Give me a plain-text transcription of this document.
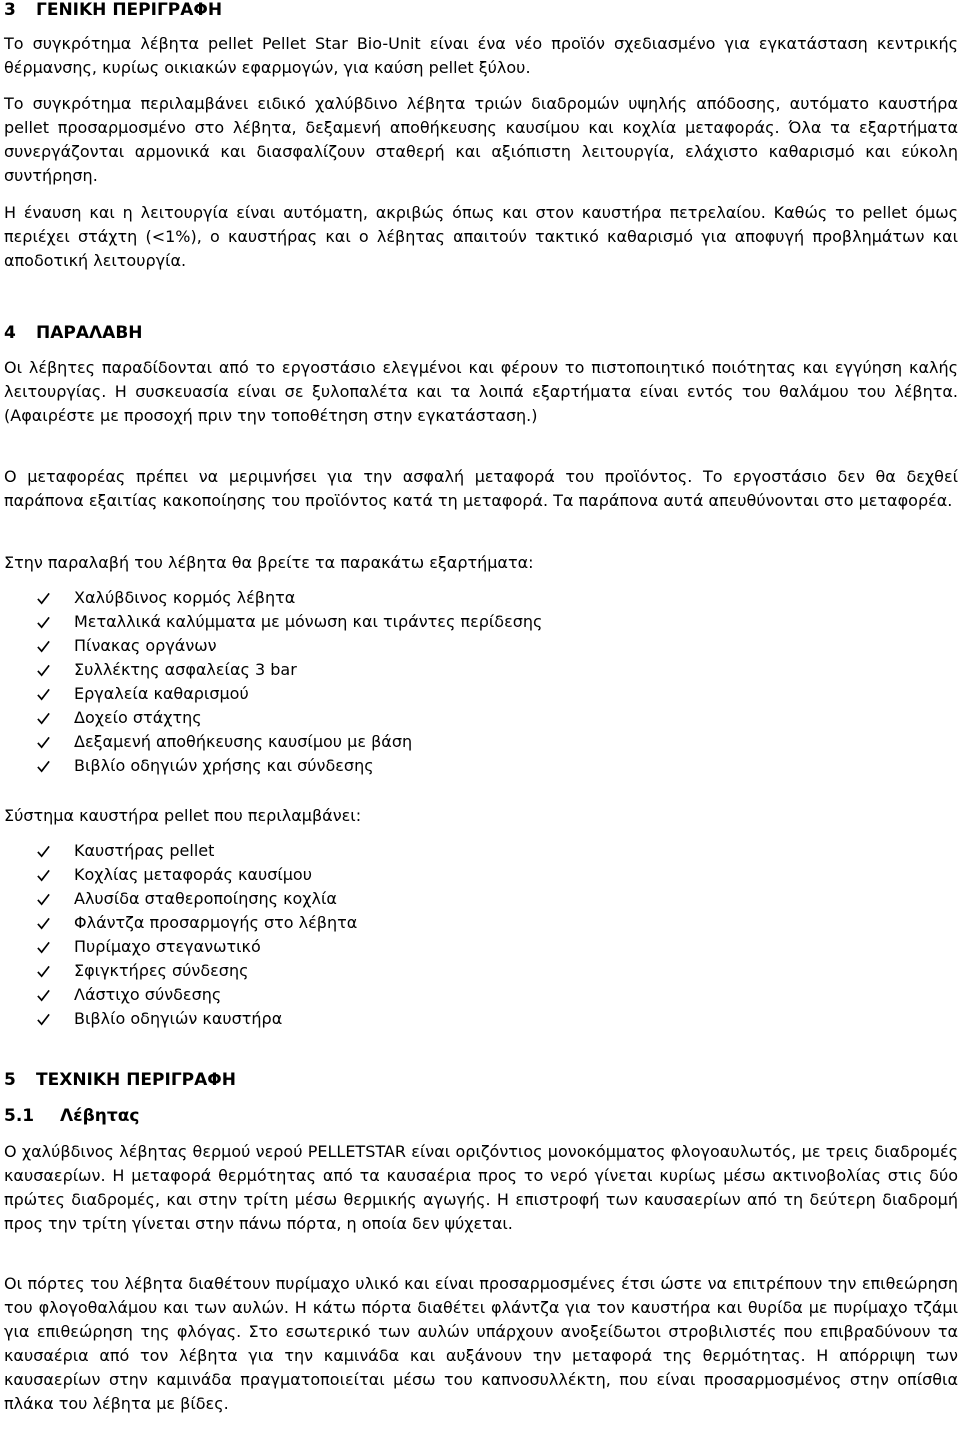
3 ΓΕΝΙΚΗ ΠΕΡΙΓΡΑΦΗ

Το συγκρότημα λέβητα pellet Pellet Star Bio-Unit είναι ένα νέο προϊόν σχεδιασμένο για εγκατάσταση κεντρικής θέρμανσης, κυρίως οικιακών εφαρμογών, για καύση pellet ξύλου.

Το συγκρότημα περιλαμβάνει ειδικό χαλύβδινο λέβητα τριών διαδρομών υψηλής απόδοσης, αυτόματο καυστήρα pellet προσαρμοσμένο στο λέβητα, δεξαμενή αποθήκευσης καυσίμου και κοχλία μεταφοράς. Όλα τα εξαρτήματα συνεργάζονται αρμονικά και διασφαλίζουν σταθερή και αξιόπιστη λειτουργία, ελάχιστο καθαρισμό και εύκολη συντήρηση.

Η έναυση και η λειτουργία είναι αυτόματη, ακριβώς όπως και στον καυστήρα πετρελαίου. Καθώς το pellet όμως περιέχει στάχτη (<1%), ο καυστήρας και ο λέβητας απαιτούν τακτικό καθαρισμό για αποφυγή προβλημάτων και αποδοτική λειτουργία.

4 ΠΑΡΑΛΑΒΗ

Οι λέβητες παραδίδονται από το εργοστάσιο ελεγμένοι και φέρουν το πιστοποιητικό ποιότητας και εγγύηση καλής λειτουργίας. Η συσκευασία είναι σε ξυλοπαλέτα και τα λοιπά εξαρτήματα είναι εντός του θαλάμου του λέβητα. (Αφαιρέστε με προσοχή πριν την τοποθέτηση στην εγκατάσταση.)

Ο μεταφορέας πρέπει να μεριμνήσει για την ασφαλή μεταφορά του προϊόντος. Το εργοστάσιο δεν θα δεχθεί παράπονα εξαιτίας κακοποίησης του προϊόντος κατά τη μεταφορά. Τα παράπονα αυτά απευθύνονται στο μεταφορέα.

Στην παραλαβή του λέβητα θα βρείτε τα παρακάτω εξαρτήματα:

Χαλύβδινος κορμός λέβητα
Μεταλλικά καλύμματα με μόνωση και τιράντες περίδεσης
Πίνακας οργάνων
Συλλέκτης ασφαλείας 3 bar
Εργαλεία καθαρισμού
Δοχείο στάχτης
Δεξαμενή αποθήκευσης καυσίμου με βάση
Βιβλίο οδηγιών χρήσης και σύνδεσης

Σύστημα καυστήρα pellet που περιλαμβάνει:

Καυστήρας pellet
Κοχλίας μεταφοράς καυσίμου
Αλυσίδα σταθεροποίησης κοχλία
Φλάντζα προσαρμογής στο λέβητα
Πυρίμαχο στεγανωτικό
Σφιγκτήρες σύνδεσης
Λάστιχο σύνδεσης
Βιβλίο οδηγιών καυστήρα
5 ΤΕΧΝΙΚΗ ΠΕΡΙΓΡΑΦΗ
5.1 Λέβητας

Ο χαλύβδινος λέβητας θερμού νερού PELLETSTAR είναι οριζόντιος μονοκόμματος φλογοαυλωτός, με τρεις διαδρομές καυσαερίων. Η μεταφορά θερμότητας από τα καυσαέρια προς το νερό γίνεται κυρίως μέσω ακτινοβολίας στις δύο πρώτες διαδρομές, και στην τρίτη μέσω θερμικής αγωγής. Η επιστροφή των καυσαερίων από τη δεύτερη διαδρομή προς την τρίτη γίνεται στην πάνω πόρτα, η οποία δεν ψύχεται.

Οι πόρτες του λέβητα διαθέτουν πυρίμαχο υλικό και είναι προσαρμοσμένες έτσι ώστε να επιτρέπουν την επιθεώρηση του φλογοθαλάμου και των αυλών. Η κάτω πόρτα διαθέτει φλάντζα για τον καυστήρα και θυρίδα με πυρίμαχο τζάμι για επιθεώρηση της φλόγας. Στο εσωτερικό των αυλών υπάρχουν ανοξείδωτοι στροβιλιστές που επιβραδύνουν τα καυσαέρια από τον λέβητα για την καμινάδα και αυξάνουν την μεταφορά της θερμότητας. Η απόρριψη των καυσαερίων στην καμινάδα πραγματοποιείται μέσω του καπνοσυλλέκτη, που είναι προσαρμοσμένος στην οπίσθια πλάκα του λέβητα με βίδες.
